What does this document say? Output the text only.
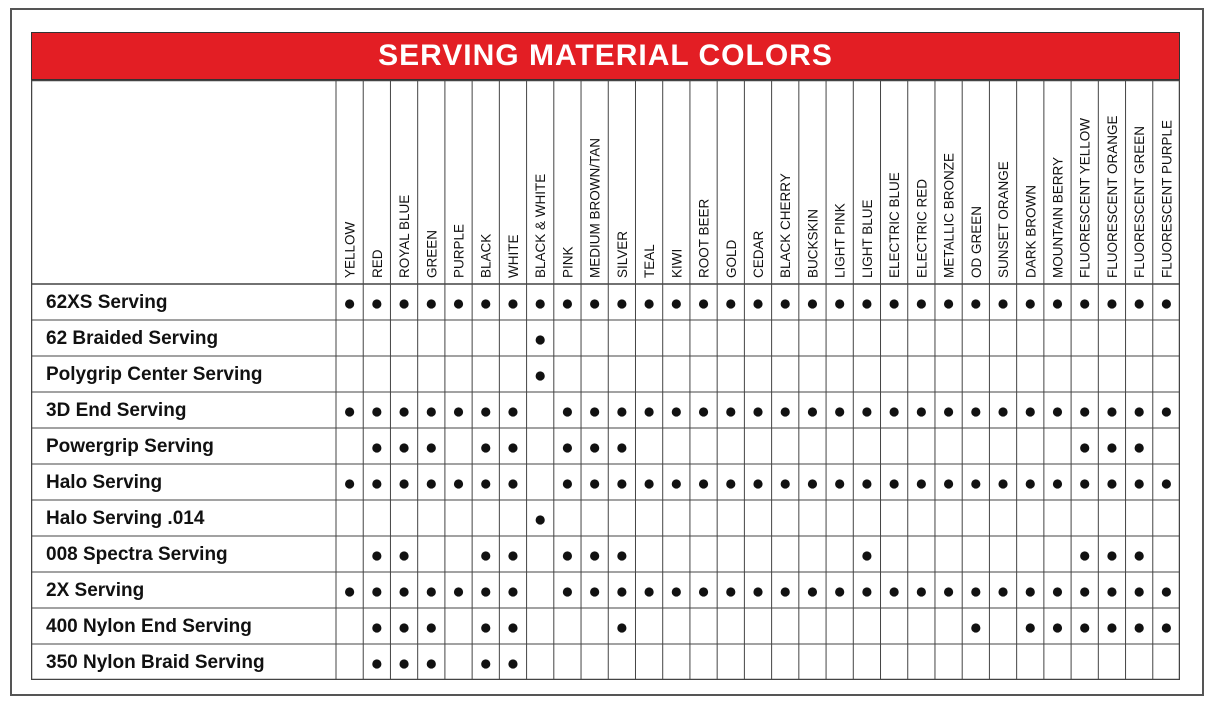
SERVING MATERIAL COLORS
YELLOW RED ROYAL BLUE GREEN PURPLE BLACK WHITE BLACK & WHITE PINK MEDIUM BROWN/TAN SILVER TEAL KIWI ROOT BEER GOLD CEDAR BLACK CHERRY BUCKSKIN LIGHT PINK LIGHT BLUE ELECTRIC BLUE ELECTRIC RED METALLIC BRONZE OD GREEN SUNSET ORANGE DARK BROWN MOUNTAIN BERRY FLUORESCENT YELLOW FLUORESCENT ORANGE FLUORESCENT GREEN FLUORESCENT PURPLE
62XS Serving
62 Braided Serving
Polygrip Center Serving
3D End Serving
Powergrip Serving
Halo Serving
Halo Serving .014
008 Spectra Serving
2X Serving
400 Nylon End Serving
350 Nylon Braid Serving
